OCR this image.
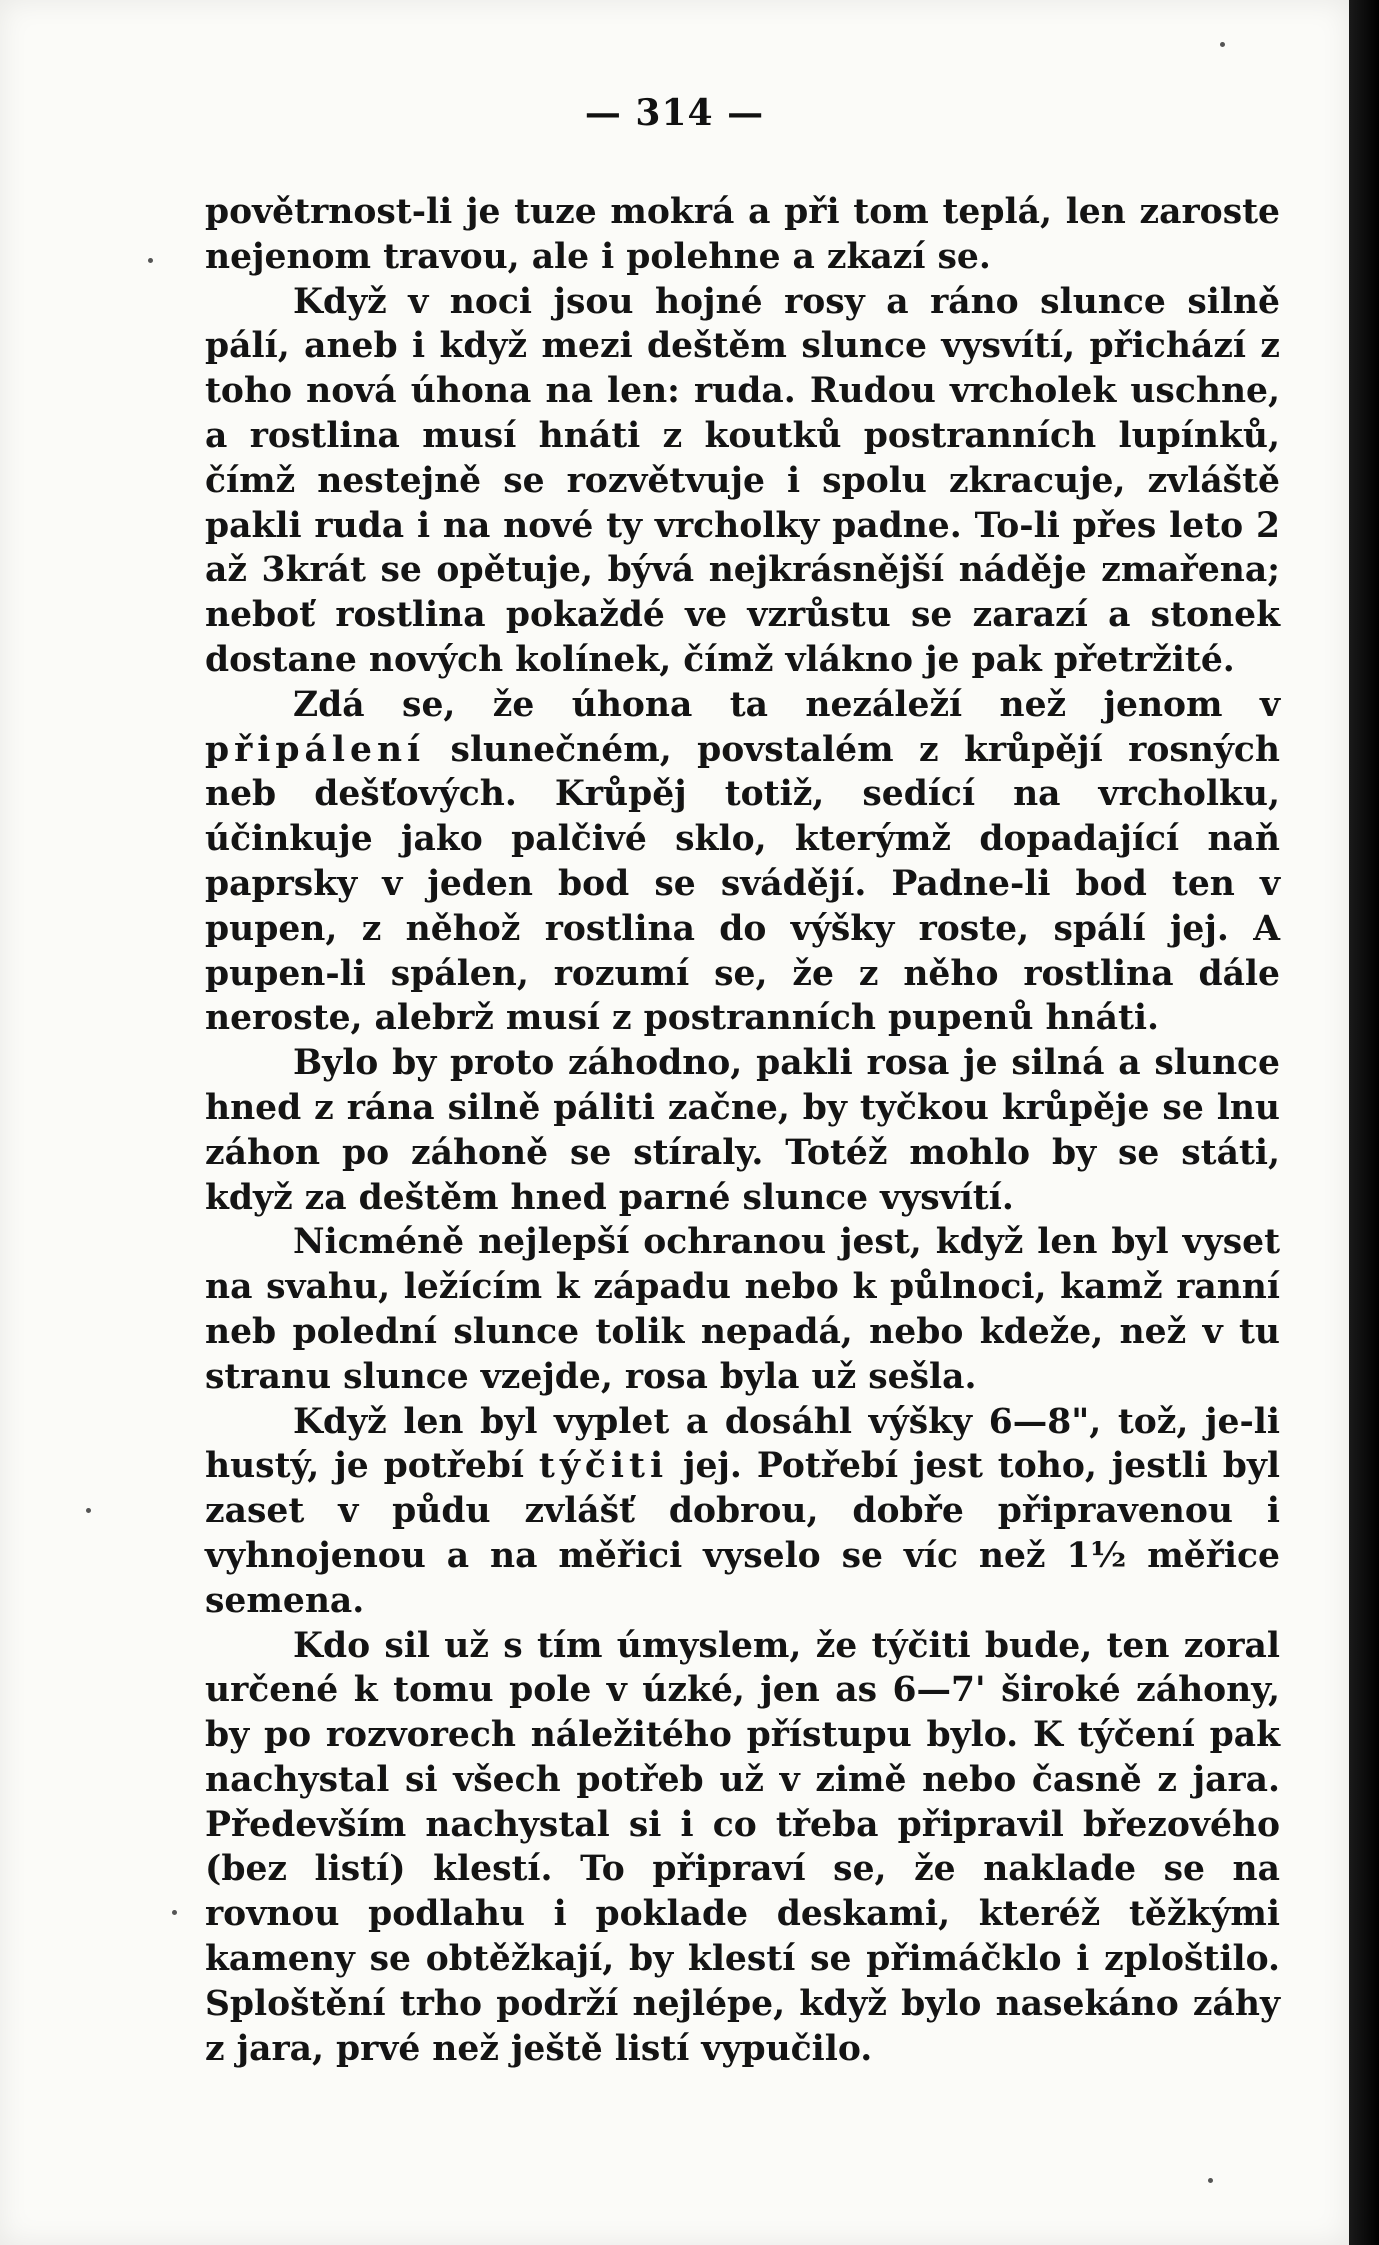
— 314 —

povětrnost-li je tuze mokrá a při tom teplá, len zaroste nejenom travou, ale i polehne a zkazí se.

Když v noci jsou hojné rosy a ráno slunce silně pálí, aneb i když mezi deštěm slunce vysvítí, přichází z toho nová úhona na len: ruda. Rudou vrcholek uschne, a rostlina musí hnáti z koutků postranních lupínků, čímž nestejně se rozvětvuje i spolu zkracuje, zvláště pakli ruda i na nové ty vrcholky padne. To-li přes leto 2 až 3krát se opětuje, bývá nejkrásnější náděje zmařena; neboť rostlina pokaždé ve vzrůstu se zarazí a stonek dostane nových kolínek, čímž vlákno je pak přetržité.

Zdá se, že úhona ta nezáleží než jenom v připálení slunečném, povstalém z krůpějí rosných neb dešťových. Krůpěj totiž, sedící na vrcholku, účinkuje jako palčivé sklo, kterýmž dopadající naň paprsky v jeden bod se svádějí. Padne-li bod ten v pupen, z něhož rostlina do výšky roste, spálí jej. A pupen-li spálen, rozumí se, že z něho rostlina dále neroste, alebrž musí z postranních pupenů hnáti.

Bylo by proto záhodno, pakli rosa je silná a slunce hned z rána silně páliti začne, by tyčkou krůpěje se lnu záhon po záhoně se stíraly. Totéž mohlo by se státi, když za deštěm hned parné slunce vysvítí.

Nicméně nejlepší ochranou jest, když len byl vyset na svahu, ležícím k západu nebo k půlnoci, kamž ranní neb polední slunce tolik nepadá, nebo kdeže, než v tu stranu slunce vzejde, rosa byla už sešla.

Když len byl vyplet a dosáhl výšky 6—8", tož, je-li hustý, je potřebí týčiti jej. Potřebí jest toho, jestli byl zaset v půdu zvlášť dobrou, dobře připravenou i vyhnojenou a na měřici vyselo se víc než 1½ měřice semena.

Kdo sil už s tím úmyslem, že týčiti bude, ten zoral určené k tomu pole v úzké, jen as 6—7' široké záhony, by po rozvorech náležitého přístupu bylo. K týčení pak nachystal si všech potřeb už v zimě nebo časně z jara. Především nachystal si i co třeba připravil březového (bez listí) klestí. To připraví se, že naklade se na rovnou podlahu i poklade deskami, kteréž těžkými kameny se obtěžkají, by klestí se přimáčklo i zploštilo. Sploštění trho podrží nejlépe, když bylo nasekáno záhy z jara, prvé než ještě listí vypučilo.
